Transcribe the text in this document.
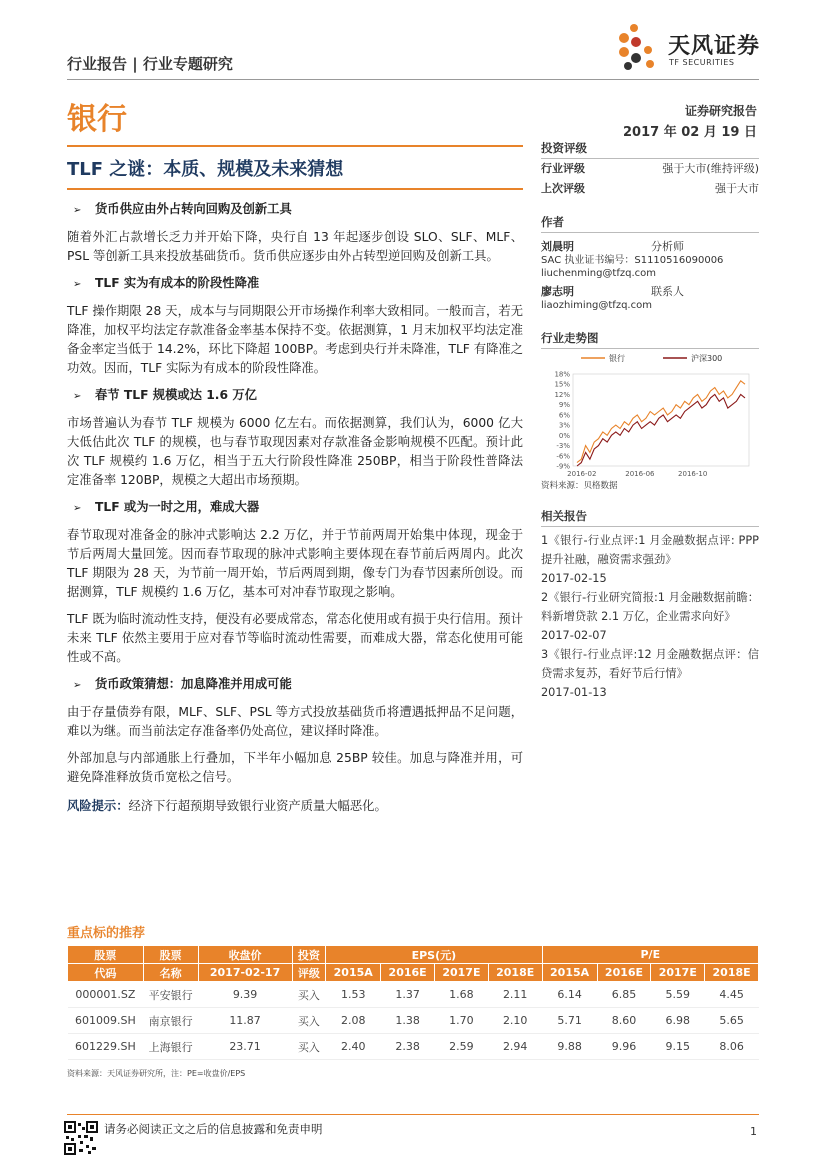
行业报告 | 行业专题研究
天风证券
TF SECURITIES
银行	证券研究报告
2017 年 02 月 19 日
TLF 之谜：本质、规模及未来猜想
➢ 货币供应由外占转向回购及创新工具
随着外汇占款增长乏力并开始下降，央行自 13 年起逐步创设 SLO、SLF、MLF、PSL 等创新工具来投放基础货币。货币供应逐步由外占转型逆回购及创新工具。
➢ TLF 实为有成本的阶段性降准
TLF 操作期限 28 天，成本与与同期限公开市场操作利率大致相同。一般而言，若无降准，加权平均法定存款准备金率基本保持不变。依据测算，1 月末加权平均法定准备金率定当低于 14.2%，环比下降超 100BP。考虑到央行并未降准，TLF 有降准之功效。因而，TLF 实际为有成本的阶段性降准。
➢ 春节 TLF 规模或达 1.6 万亿
市场普遍认为春节 TLF 规模为 6000 亿左右。而依据测算，我们认为，6000 亿大大低估此次 TLF 的规模，也与春节取现因素对存款准备金影响规模不匹配。预计此次 TLF 规模约 1.6 万亿，相当于五大行阶段性降准 250BP，相当于阶段性普降法定准备率 120BP，规模之大超出市场预期。
➢ TLF 或为一时之用，难成大器
春节取现对准备金的脉冲式影响达 2.2 万亿，并于节前两周开始集中体现，现金于节后两周大量回笼。因而春节取现的脉冲式影响主要体现在春节前后两周内。此次 TLF 期限为 28 天，为节前一周开始，节后两周到期，像专门为春节因素所创设。而据测算，TLF 规模约 1.6 万亿，基本可对冲春节取现之影响。
TLF 既为临时流动性支持，便没有必要成常态，常态化使用或有损于央行信用。预计未来 TLF 依然主要用于应对春节等临时流动性需要，而难成大器，常态化使用可能性或不高。
➢ 货币政策猜想：加息降准并用成可能
由于存量债券有限，MLF、SLF、PSL 等方式投放基础货币将遭遇抵押品不足问题，难以为继。而当前法定存准备率仍处高位，建议择时降准。
外部加息与内部通胀上行叠加，下半年小幅加息 25BP 较佳。加息与降准并用，可避免降准释放货币宽松之信号。
风险提示：经济下行超预期导致银行业资产质量大幅恶化。
投资评级
行业评级	强于大市(维持评级)
上次评级	强于大市
作者
刘晨明	分析师
SAC 执业证书编号：S1110516090006
liuchenming@tfzq.com
廖志明	联系人
liaozhiming@tfzq.com
行业走势图
18%
15%
12%
9%
6%
3%
0%
-3%
-6%
-9%
2016-02	2016-06	2016-10
银行	沪深300
资料来源：贝格数据
相关报告
1《银行-行业点评:1 月金融数据点评: PPP 提升社融，融资需求强劲》
2017-02-15
2《银行-行业研究简报:1 月金融数据前瞻：料新增贷款 2.1 万亿，企业需求向好》
2017-02-07
3《银行-行业点评:12 月金融数据点评：信贷需求复苏，看好节后行情》
2017-01-13
重点标的推荐
股票	股票	收盘价	投资	EPS(元)				P/E			
代码	名称	2017-02-17	评级	2015A	2016E	2017E	2018E	2015A	2016E	2017E	2018E
000001.SZ	平安银行	9.39	买入	1.53	1.37	1.68	2.11	6.14	6.85	5.59	4.45
601009.SH	南京银行	11.87	买入	2.08	1.38	1.70	2.10	5.71	8.60	6.98	5.65
601229.SH	上海银行	23.71	买入	2.40	2.38	2.59	2.94	9.88	9.96	9.15	8.06
资料来源：天风证券研究所，注：PE=收盘价/EPS
请务必阅读正文之后的信息披露和免责申明	1
